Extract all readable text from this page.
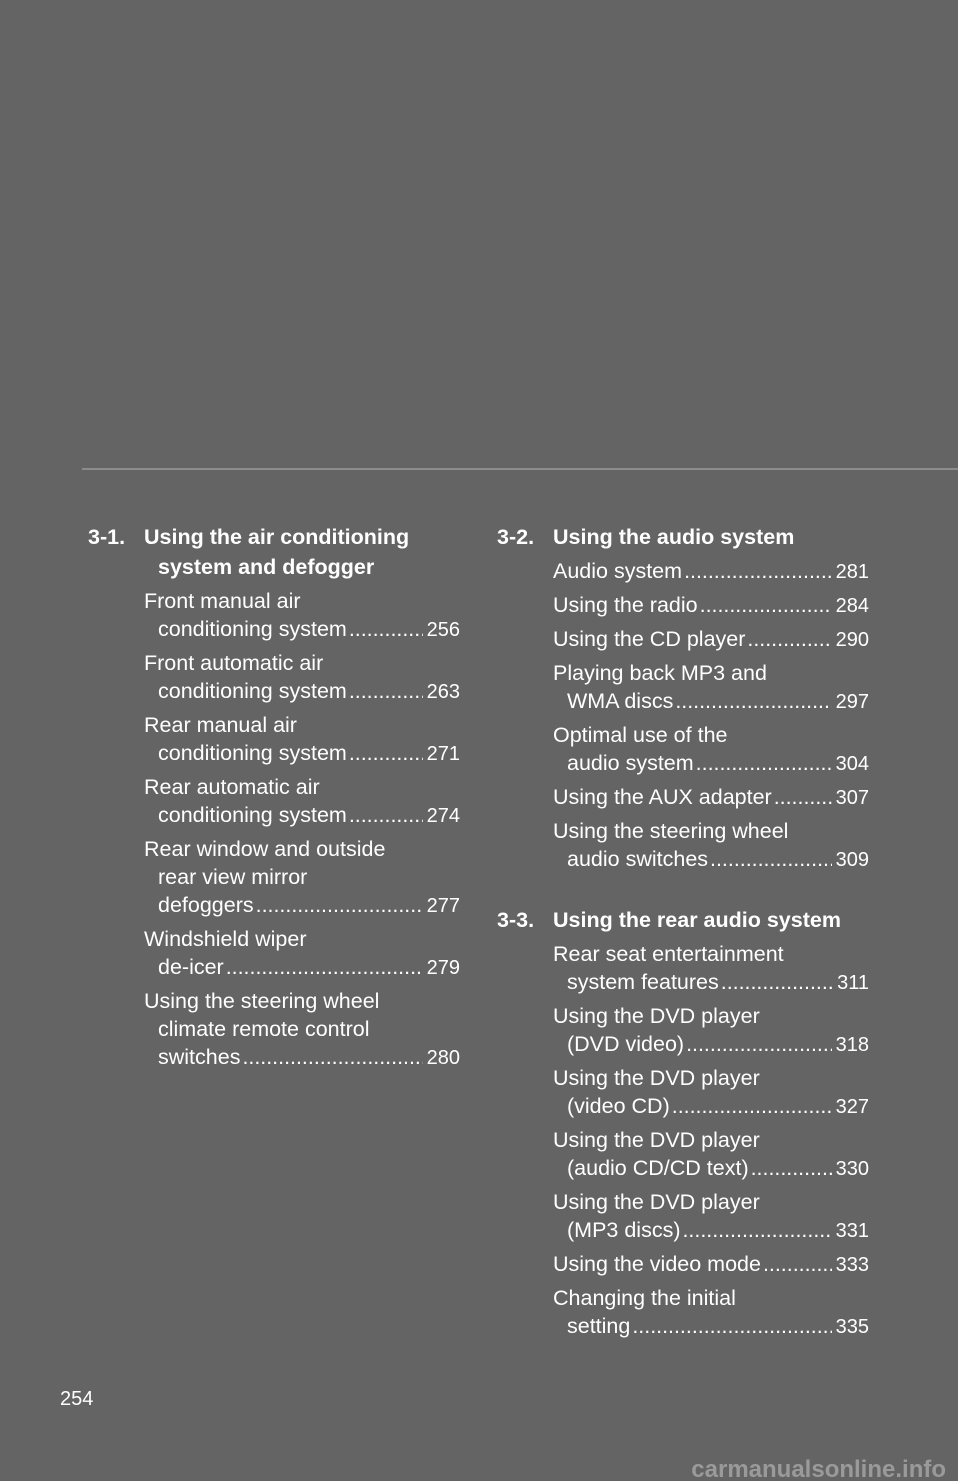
3-1. Using the air conditioning system and defogger
Front manual air
conditioning system . . .	256
Front automatic air
conditioning system . . .	263
Rear manual air
conditioning system . . .	271
Rear automatic air
conditioning system . . .	274
Rear window and outside
rear view mirror
defoggers . . .	277
Windshield wiper
de-icer . . .	279
Using the steering wheel
climate remote control
switches . . .	280
3-2. Using the audio system
Audio system . . .	281
Using the radio . . .	284
Using the CD player . . .	290
Playing back MP3 and
WMA discs . . .	297
Optimal use of the
audio system . . .	304
Using the AUX adapter . . .	307
Using the steering wheel
audio switches . . .	309
3-3. Using the rear audio system
Rear seat entertainment
system features . . .	311
Using the DVD player
(DVD video) . . .	318
Using the DVD player
(video CD) . . .	327
Using the DVD player
(audio CD/CD text) . . .	330
Using the DVD player
(MP3 discs) . . .	331
Using the video mode . . .	333
Changing the initial
setting . . .	335
254
carmanualsonline.info
